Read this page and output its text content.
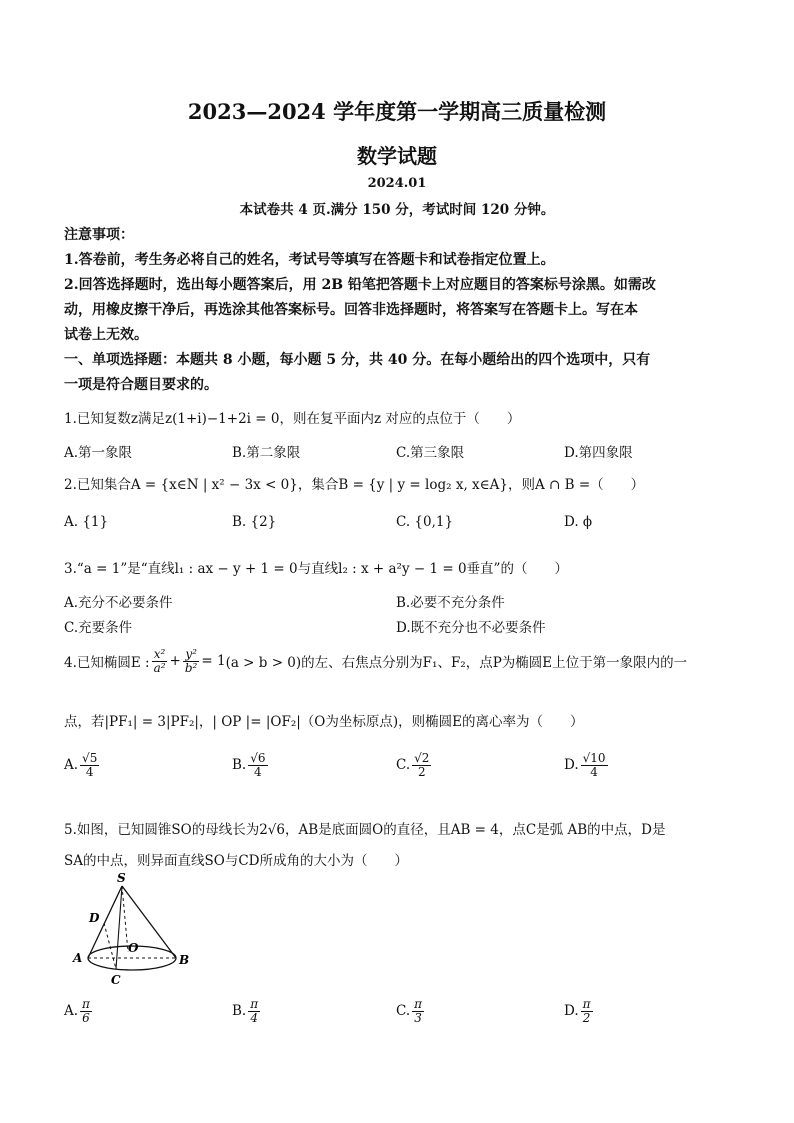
2023—2024 学年度第一学期高三质量检测
数学试题
2024.01
本试卷共 4 页.满分 150 分，考试时间 120 分钟。
注意事项：
1.答卷前，考生务必将自己的姓名，考试号等填写在答题卡和试卷指定位置上。
2.回答选择题时，选出每小题答案后，用 2B 铅笔把答题卡上对应题目的答案标号涂黑。如需改
动，用橡皮擦干净后，再选涂其他答案标号。回答非选择题时，将答案写在答题卡上。写在本
试卷上无效。
一、单项选择题：本题共 8 小题，每小题 5 分，共 40 分。在每小题给出的四个选项中，只有
一项是符合题目要求的。
1.已知复数z满足z(1+i)−1+2i = 0，则在复平面内z 对应的点位于（　　）
A.第一象限	B.第二象限	C.第三象限	D.第四象限
2.已知集合A = {x∈N | x² − 3x < 0}，集合B = {y | y = log₂ x, x∈A}，则A ∩ B =（　　）
A. {1}	B. {2}	C. {0,1}	D. ϕ
3.“a = 1”是“直线l₁ : ax − y + 1 = 0与直线l₂ : x + a²y − 1 = 0垂直”的（　　）
A.充分不必要条件	B.必要不充分条件
C.充要条件	D.既不充分也不必要条件
4.已知椭圆E : $\frac{\text{x²}}{\text{a²}} + \frac{\text{y²}}{\text{b²}} = 1$ (a > b > 0)的左、右焦点分别为F₁、F₂，点P为椭圆E上位于第一象限内的一
点，若|PF₁| = 3|PF₂|，| OP |= |OF₂|（O为坐标原点)，则椭圆E的离心率为（　　）
A. $\frac{√5}{4}$	B. $\frac{√6}{4}$	C. $\frac{√2}{2}$	D. $\frac{√10}{4}$
5.如图，已知圆锥SO的母线长为2√6，AB是底面圆O的直径，且AB = 4，点C是弧 AB的中点，D是
SA的中点，则异面直线SO与CD所成角的大小为（　　）
S
D
O
A	B
C
A. $\frac{\pi}{6}$	B. $\frac{\pi}{4}$	C. $\frac{\pi}{3}$	D. $\frac{\pi}{2}$
